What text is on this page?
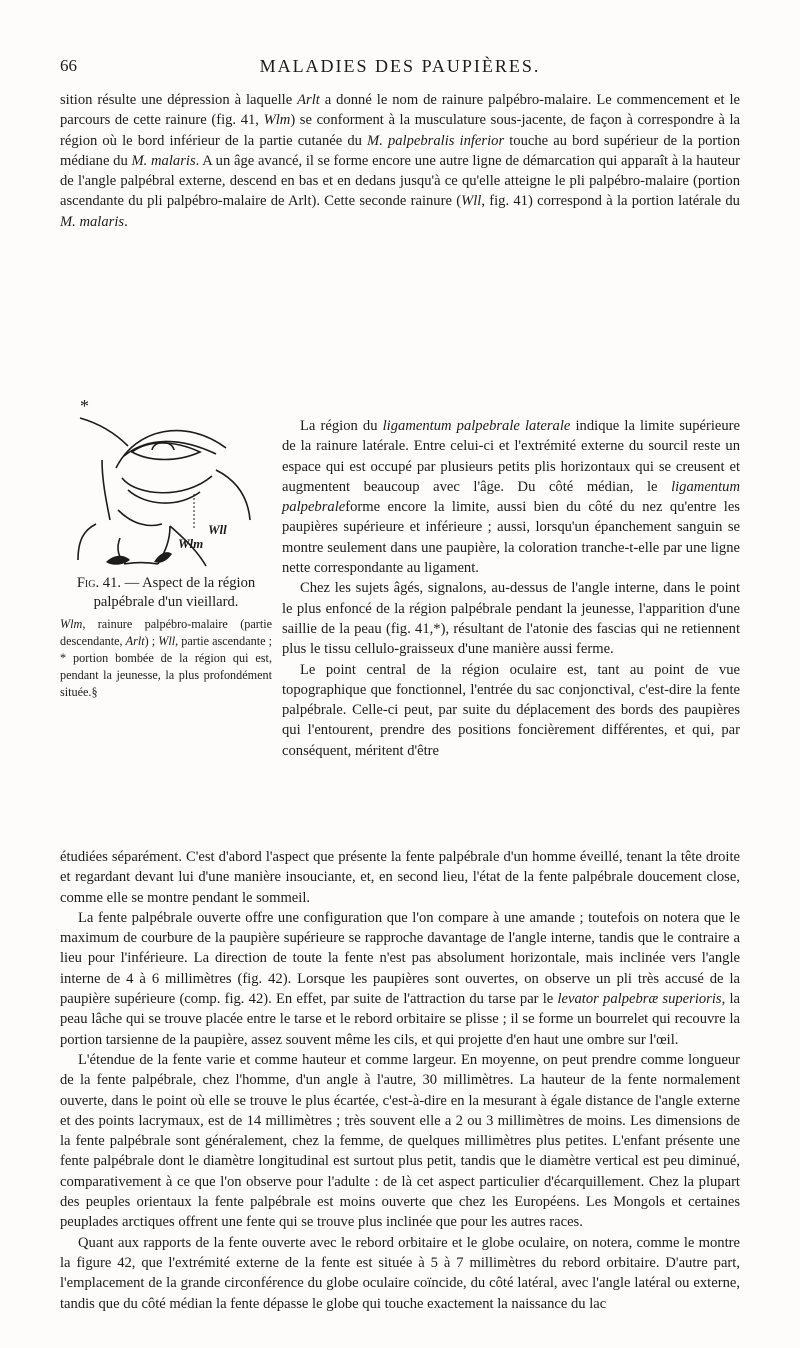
66	MALADIES DES PAUPIÈRES.

sition résulte une dépression à laquelle Arlt a donné le nom de rainure palpébro-malaire. Le commencement et le parcours de cette rainure (fig. 41, Wlm) se conforment à la musculature sous-jacente, de façon à correspondre à la région où le bord inférieur de la partie cutanée du M. palpebralis inferior touche au bord supérieur de la portion médiane du M. malaris. A un âge avancé, il se forme encore une autre ligne de démarcation qui apparaît à la hauteur de l'angle palpébral externe, descend en bas et en dedans jusqu'à ce qu'elle atteigne le pli palpébro-malaire (portion ascendante du pli palpébro-malaire de Arlt). Cette seconde rainure (Wll, fig. 41) correspond à la portion latérale du M. malaris.

*
Wll
Wlm

Fig. 41. — Aspect de la région palpébrale d'un vieillard.

Wlm, rainure palpébro-malaire (partie descendante, Arlt) ; Wll, partie ascendante ; * portion bombée de la région qui est, pendant la jeunesse, la plus profondément située.§

La région du ligamentum palpebrale laterale indique la limite supérieure de la rainure latérale. Entre celui-ci et l'extrémité externe du sourcil reste un espace qui est occupé par plusieurs petits plis horizontaux qui se creusent et augmentent beaucoup avec l'âge. Du côté médian, le ligamentum palpebraleforme encore la limite, aussi bien du côté du nez qu'entre les paupières supérieure et inférieure ; aussi, lorsqu'un épanchement sanguin se montre seulement dans une paupière, la coloration tranche-t-elle par une ligne nette correspondante au ligament.

Chez les sujets âgés, signalons, au-dessus de l'angle interne, dans le point le plus enfoncé de la région palpébrale pendant la jeunesse, l'apparition d'une saillie de la peau (fig. 41,*), résultant de l'atonie des fascias qui ne retiennent plus le tissu cellulo-graisseux d'une manière aussi ferme.

Le point central de la région oculaire est, tant au point de vue topographique que fonctionnel, l'entrée du sac conjonctival, c'est-dire la fente palpébrale. Celle-ci peut, par suite du déplacement des bords des paupières qui l'entourent, prendre des positions foncièrement différentes, et qui, par conséquent, méritent d'être

étudiées séparément. C'est d'abord l'aspect que présente la fente palpébrale d'un homme éveillé, tenant la tête droite et regardant devant lui d'une manière insouciante, et, en second lieu, l'état de la fente palpébrale doucement close, comme elle se montre pendant le sommeil.

La fente palpébrale ouverte offre une configuration que l'on compare à une amande ; toutefois on notera que le maximum de courbure de la paupière supérieure se rapproche davantage de l'angle interne, tandis que le contraire a lieu pour l'inférieure. La direction de toute la fente n'est pas absolument horizontale, mais inclinée vers l'angle interne de 4 à 6 millimètres (fig. 42). Lorsque les paupières sont ouvertes, on observe un pli très accusé de la paupière supérieure (comp. fig. 42). En effet, par suite de l'attraction du tarse par le levator palpebræ superioris, la peau lâche qui se trouve placée entre le tarse et le rebord orbitaire se plisse ; il se forme un bourrelet qui recouvre la portion tarsienne de la paupière, assez souvent même les cils, et qui projette d'en haut une ombre sur l'œil.

L'étendue de la fente varie et comme hauteur et comme largeur. En moyenne, on peut prendre comme longueur de la fente palpébrale, chez l'homme, d'un angle à l'autre, 30 millimètres. La hauteur de la fente normalement ouverte, dans le point où elle se trouve le plus écartée, c'est-à-dire en la mesurant à égale distance de l'angle externe et des points lacrymaux, est de 14 millimètres ; très souvent elle a 2 ou 3 millimètres de moins. Les dimensions de la fente palpébrale sont généralement, chez la femme, de quelques millimètres plus petites. L'enfant présente une fente palpébrale dont le diamètre longitudinal est surtout plus petit, tandis que le diamètre vertical est peu diminué, comparativement à ce que l'on observe pour l'adulte : de là cet aspect particulier d'écarquillement. Chez la plupart des peuples orientaux la fente palpébrale est moins ouverte que chez les Européens. Les Mongols et certaines peuplades arctiques offrent une fente qui se trouve plus inclinée que pour les autres races.

Quant aux rapports de la fente ouverte avec le rebord orbitaire et le globe oculaire, on notera, comme le montre la figure 42, que l'extrémité externe de la fente est située à 5 à 7 millimètres du rebord orbitaire. D'autre part, l'emplacement de la grande circonférence du globe oculaire coïncide, du côté latéral, avec l'angle latéral ou externe, tandis que du côté médian la fente dépasse le globe qui touche exactement la naissance du lac
